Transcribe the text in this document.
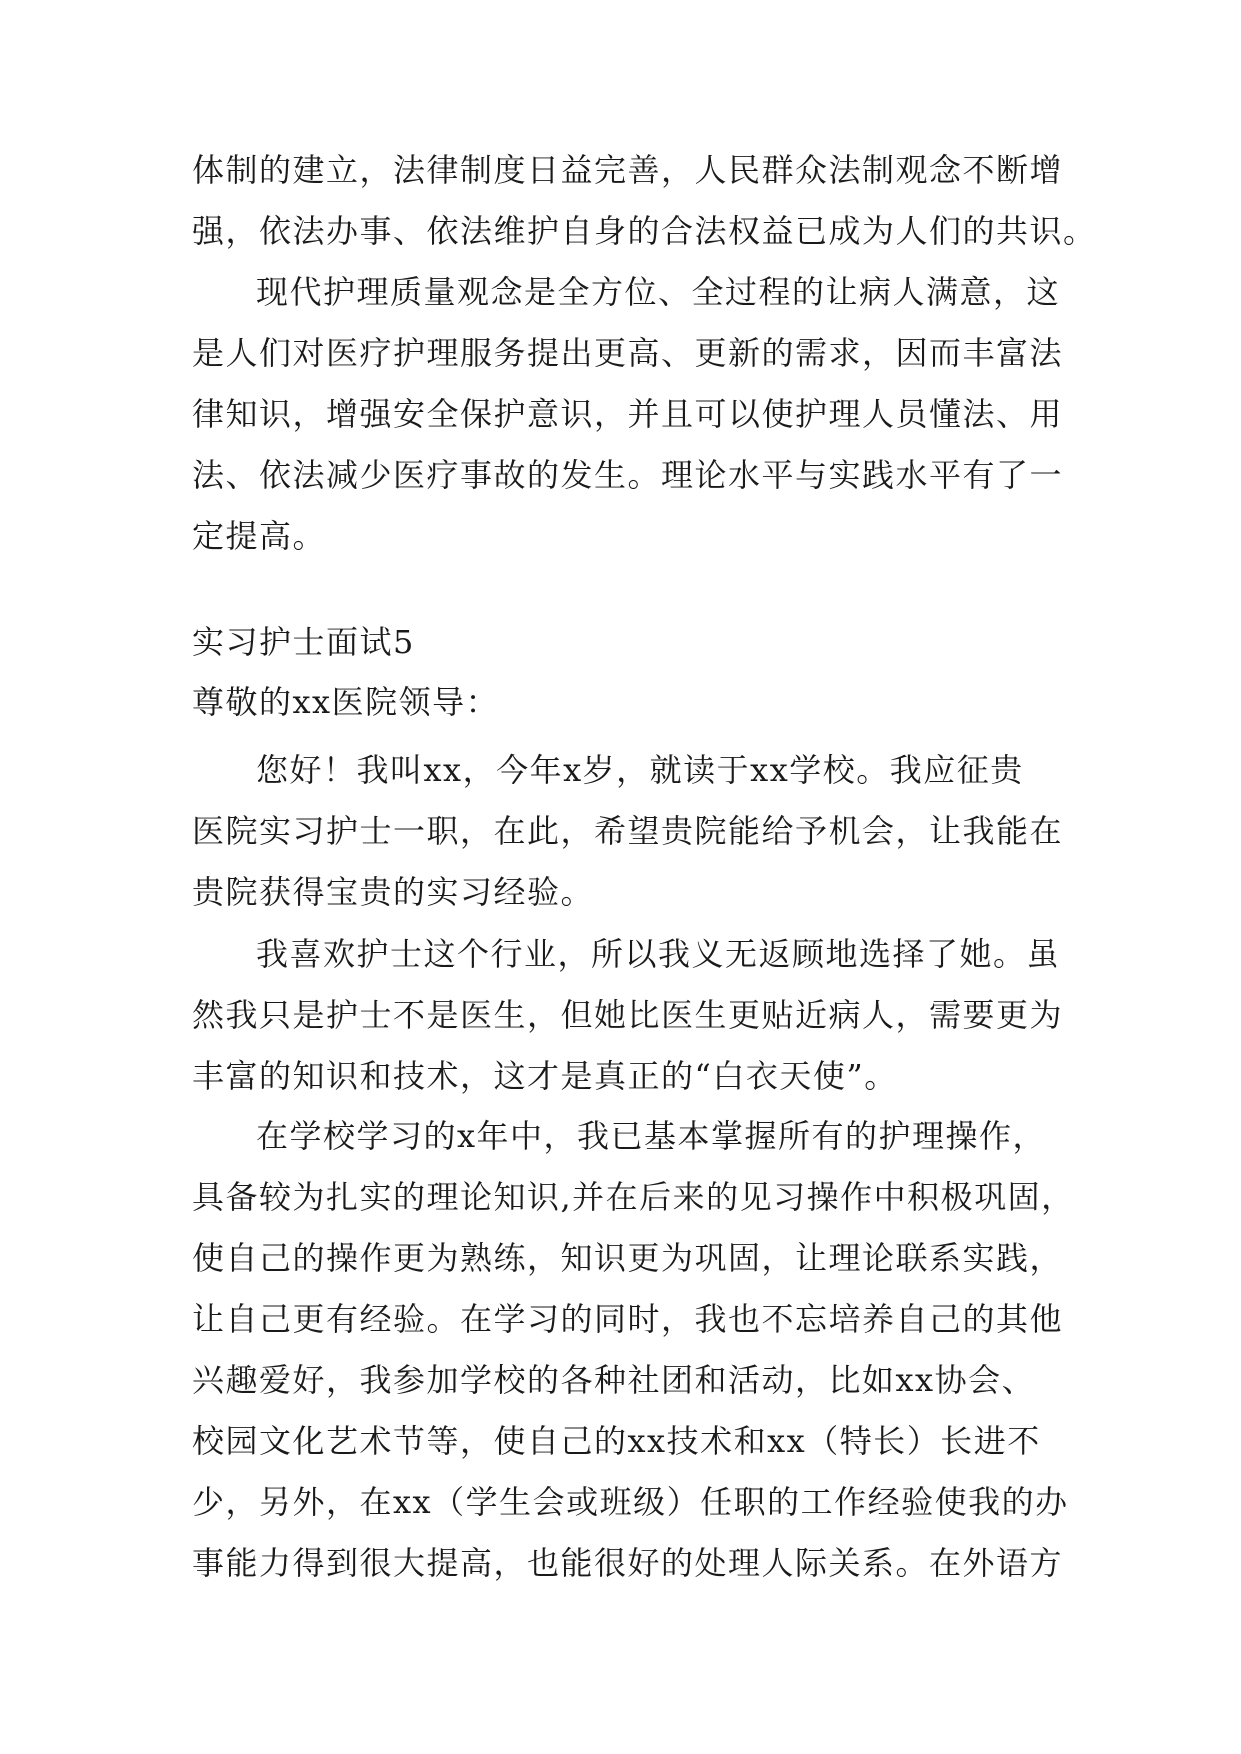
体制的建立，法律制度日益完善，人民群众法制观念不断增
强，依法办事、依法维护自身的合法权益已成为人们的共识。
现代护理质量观念是全方位、全过程的让病人满意，这
是人们对医疗护理服务提出更高、更新的需求，因而丰富法
律知识，增强安全保护意识，并且可以使护理人员懂法、用
法、依法减少医疗事故的发生。理论水平与实践水平有了一
定提高。
实习护士面试5
尊敬的xx医院领导：
您好！我叫xx，今年x岁，就读于xx学校。我应征贵
医院实习护士一职，在此，希望贵院能给予机会，让我能在
贵院获得宝贵的实习经验。
我喜欢护士这个行业，所以我义无返顾地选择了她。虽
然我只是护士不是医生，但她比医生更贴近病人，需要更为
丰富的知识和技术，这才是真正的“白衣天使”。
在学校学习的x年中，我已基本掌握所有的护理操作，
具备较为扎实的理论知识,并在后来的见习操作中积极巩固，
使自己的操作更为熟练，知识更为巩固，让理论联系实践，
让自己更有经验。在学习的同时，我也不忘培养自己的其他
兴趣爱好，我参加学校的各种社团和活动，比如xx协会、
校园文化艺术节等，使自己的xx技术和xx（特长）长进不
少，另外，在xx（学生会或班级）任职的工作经验使我的办
事能力得到很大提高，也能很好的处理人际关系。在外语方
